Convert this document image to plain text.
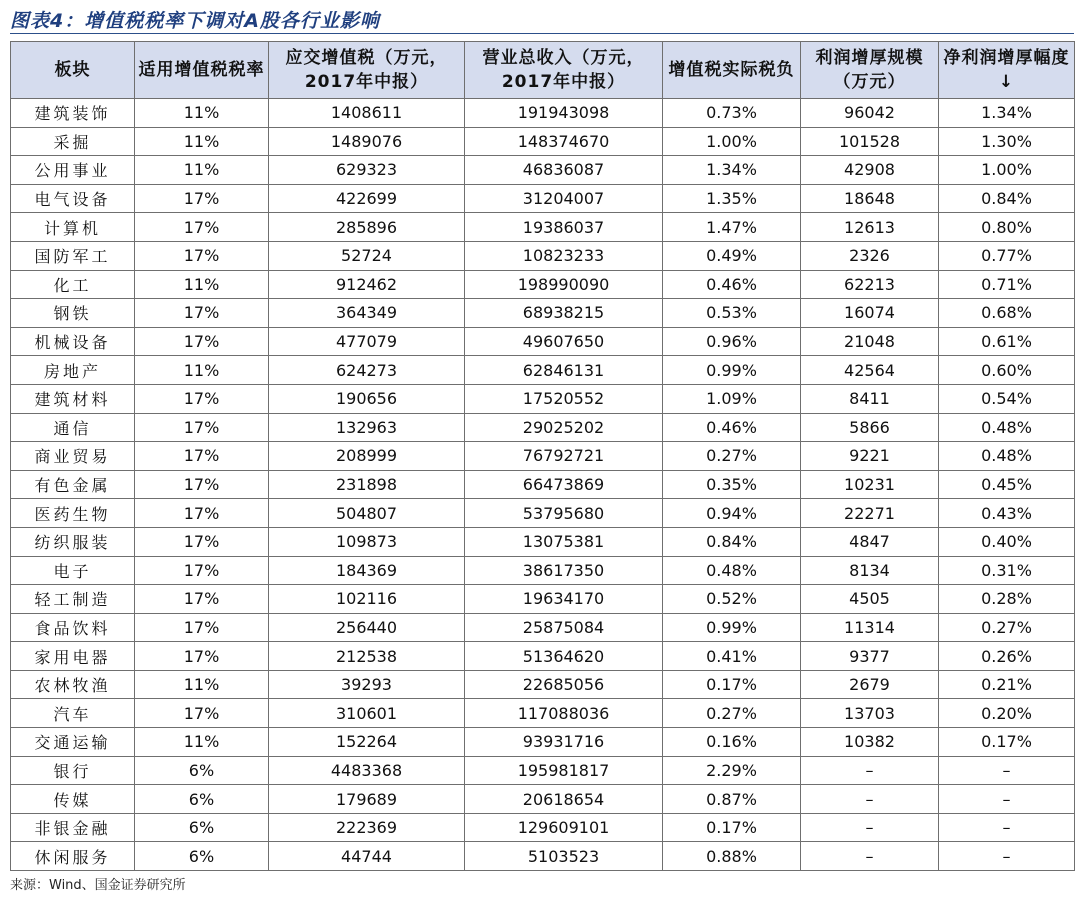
图表4：增值税税率下调对A股各行业影响
板块	适用增值税税率	应交增值税（万元，2017年中报）	营业总收入（万元，2017年中报）	增值税实际税负	利润增厚规模（万元）	净利润增厚幅度↓
建筑装饰	11%	1408611	191943098	0.73%	96042	1.34%
采掘	11%	1489076	148374670	1.00%	101528	1.30%
公用事业	11%	629323	46836087	1.34%	42908	1.00%
电气设备	17%	422699	31204007	1.35%	18648	0.84%
计算机	17%	285896	19386037	1.47%	12613	0.80%
国防军工	17%	52724	10823233	0.49%	2326	0.77%
化工	11%	912462	198990090	0.46%	62213	0.71%
钢铁	17%	364349	68938215	0.53%	16074	0.68%
机械设备	17%	477079	49607650	0.96%	21048	0.61%
房地产	11%	624273	62846131	0.99%	42564	0.60%
建筑材料	17%	190656	17520552	1.09%	8411	0.54%
通信	17%	132963	29025202	0.46%	5866	0.48%
商业贸易	17%	208999	76792721	0.27%	9221	0.48%
有色金属	17%	231898	66473869	0.35%	10231	0.45%
医药生物	17%	504807	53795680	0.94%	22271	0.43%
纺织服装	17%	109873	13075381	0.84%	4847	0.40%
电子	17%	184369	38617350	0.48%	8134	0.31%
轻工制造	17%	102116	19634170	0.52%	4505	0.28%
食品饮料	17%	256440	25875084	0.99%	11314	0.27%
家用电器	17%	212538	51364620	0.41%	9377	0.26%
农林牧渔	11%	39293	22685056	0.17%	2679	0.21%
汽车	17%	310601	117088036	0.27%	13703	0.20%
交通运输	11%	152264	93931716	0.16%	10382	0.17%
银行	6%	4483368	195981817	2.29%	–	–
传媒	6%	179689	20618654	0.87%	–	–
非银金融	6%	222369	129609101	0.17%	–	–
休闲服务	6%	44744	5103523	0.88%	–	–
来源：Wind、国金证券研究所
